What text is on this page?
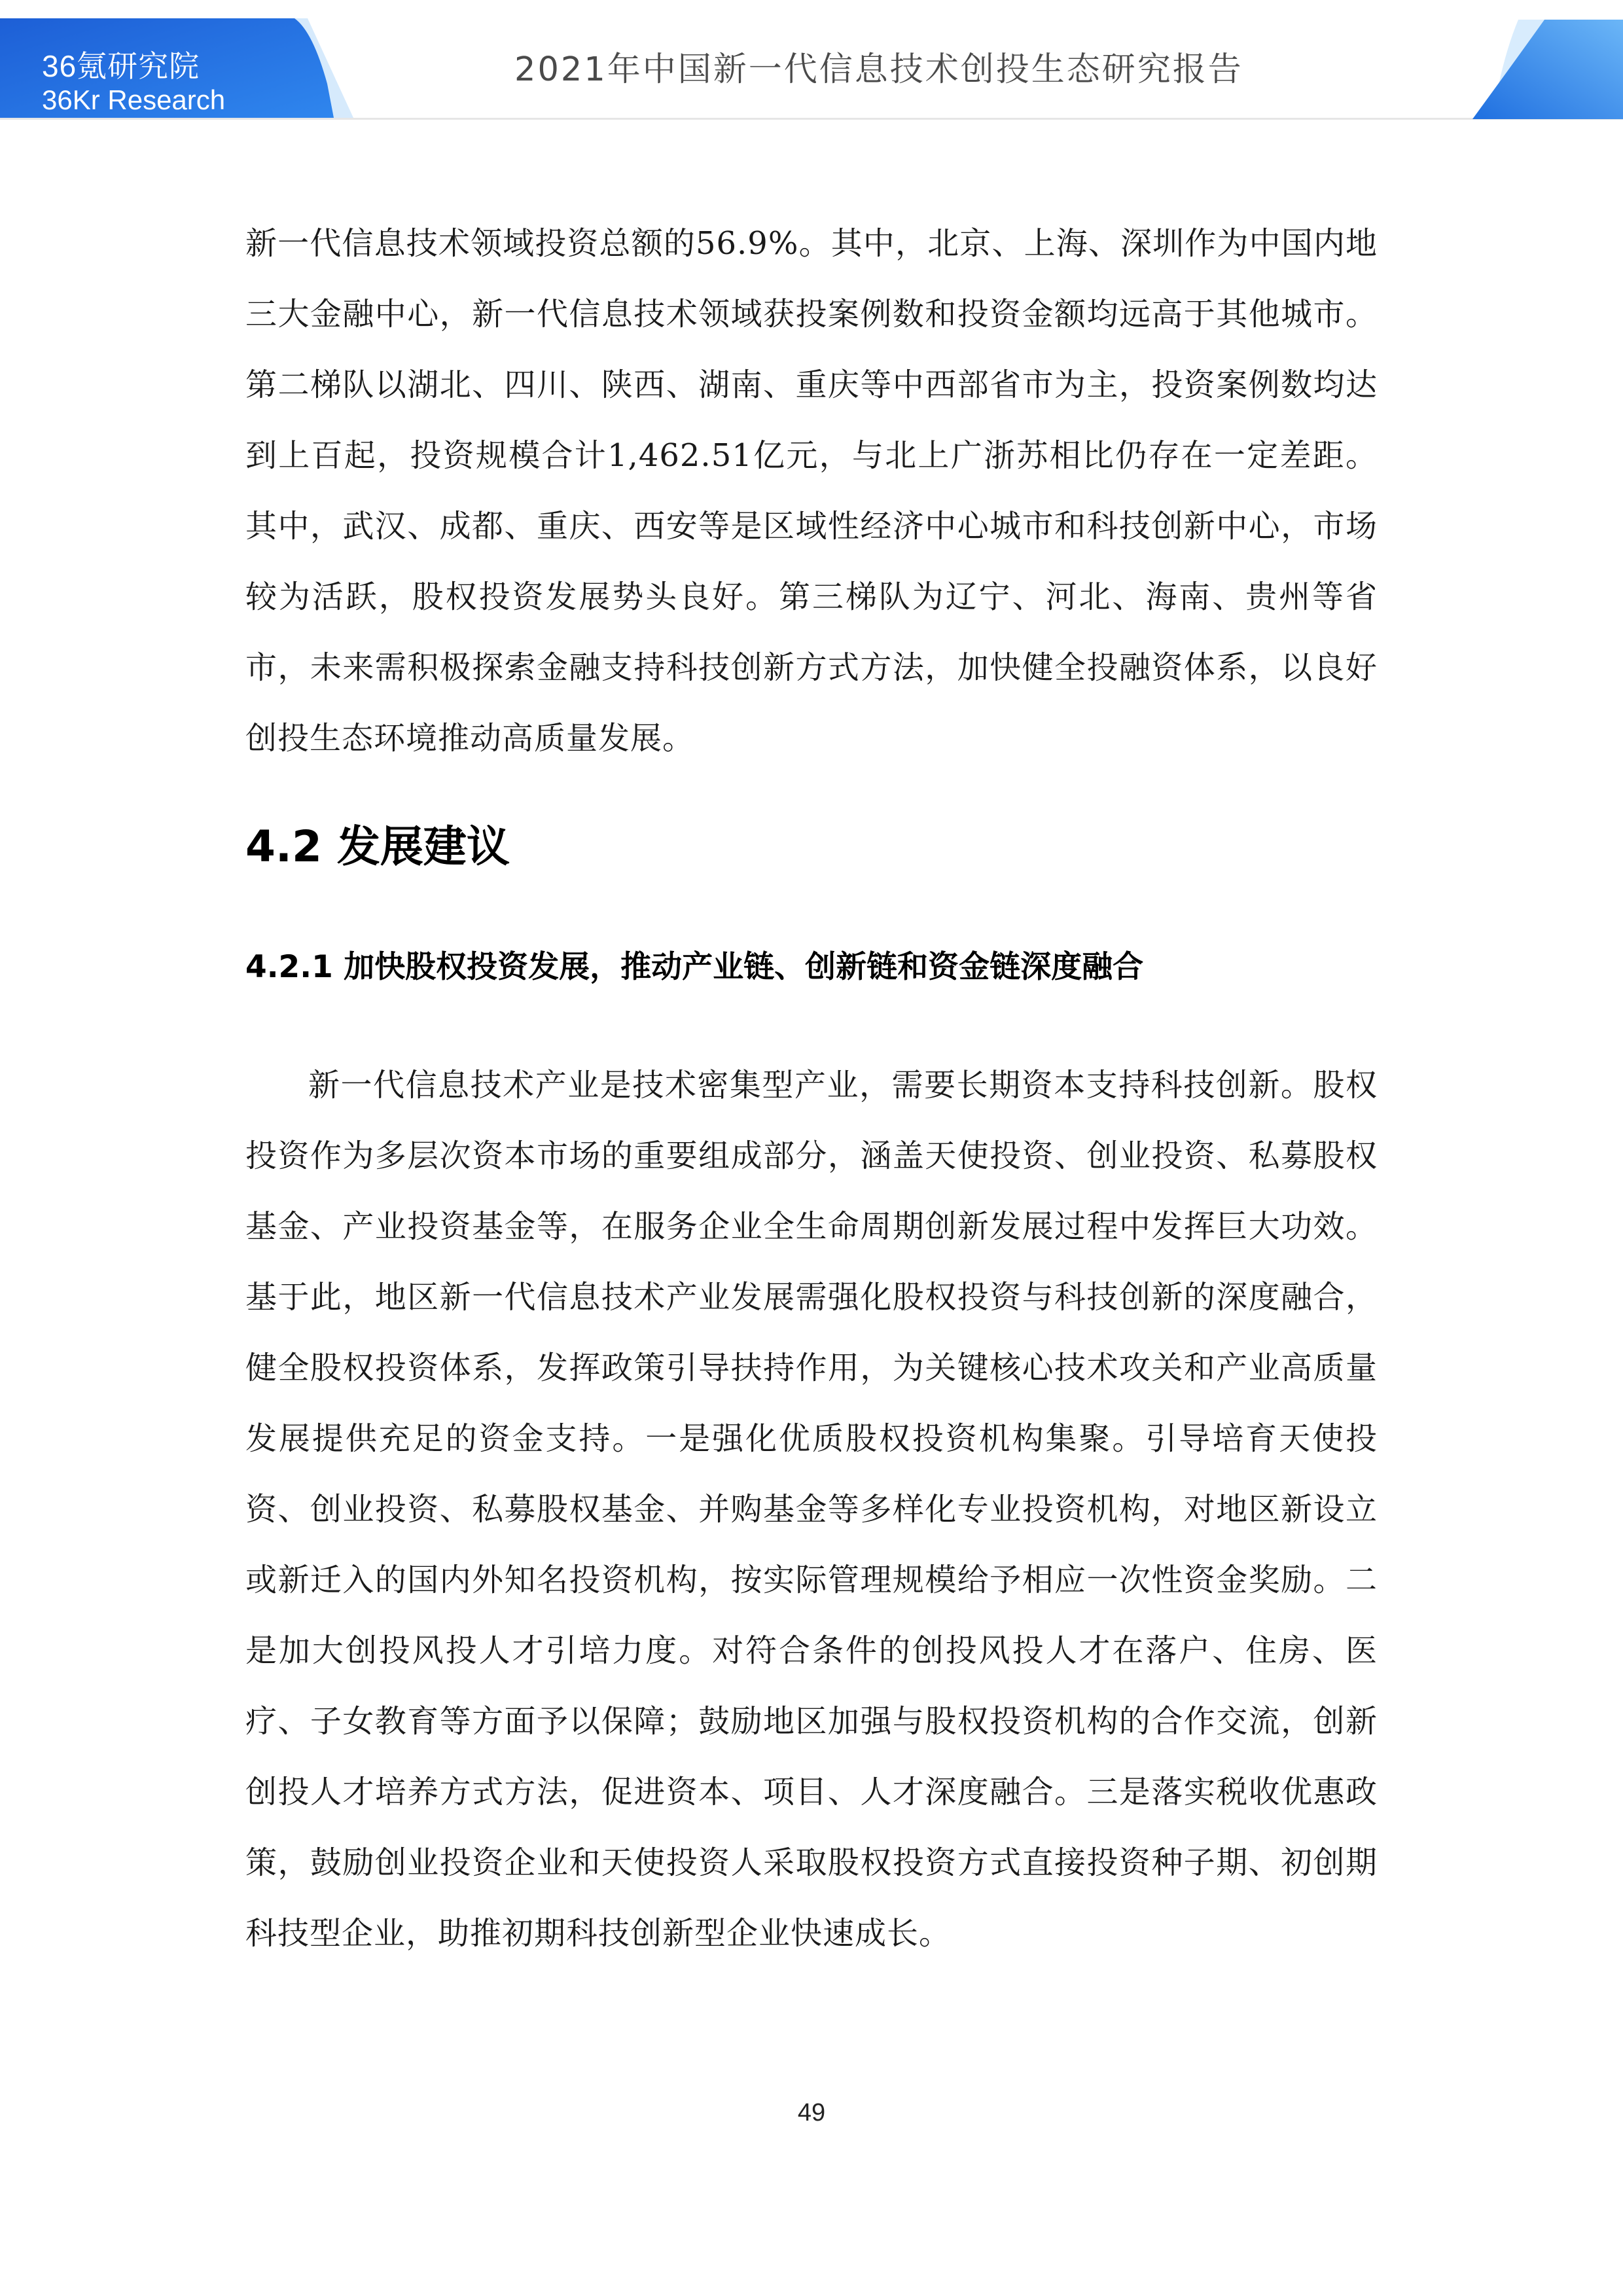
36氪研究院
36Kr Research
2021年中国新一代信息技术创投生态研究报告

新一代信息技术领域投资总额的56.9%。其中，北京、上海、深圳作为中国内地三大金融中心，新一代信息技术领域获投案例数和投资金额均远高于其他城市。第二梯队以湖北、四川、陕西、湖南、重庆等中西部省市为主，投资案例数均达到上百起，投资规模合计1,462.51亿元，与北上广浙苏相比仍存在一定差距。其中，武汉、成都、重庆、西安等是区域性经济中心城市和科技创新中心，市场较为活跃，股权投资发展势头良好。第三梯队为辽宁、河北、海南、贵州等省市，未来需积极探索金融支持科技创新方式方法，加快健全投融资体系，以良好创投生态环境推动高质量发展。

4.2 发展建议
4.2.1 加快股权投资发展，推动产业链、创新链和资金链深度融合

新一代信息技术产业是技术密集型产业，需要长期资本支持科技创新。股权投资作为多层次资本市场的重要组成部分，涵盖天使投资、创业投资、私募股权基金、产业投资基金等，在服务企业全生命周期创新发展过程中发挥巨大功效。基于此，地区新一代信息技术产业发展需强化股权投资与科技创新的深度融合，健全股权投资体系，发挥政策引导扶持作用，为关键核心技术攻关和产业高质量发展提供充足的资金支持。一是强化优质股权投资机构集聚。引导培育天使投资、创业投资、私募股权基金、并购基金等多样化专业投资机构，对地区新设立或新迁入的国内外知名投资机构，按实际管理规模给予相应一次性资金奖励。二是加大创投风投人才引培力度。对符合条件的创投风投人才在落户、住房、医疗、子女教育等方面予以保障；鼓励地区加强与股权投资机构的合作交流，创新创投人才培养方式方法，促进资本、项目、人才深度融合。三是落实税收优惠政策，鼓励创业投资企业和天使投资人采取股权投资方式直接投资种子期、初创期科技型企业，助推初期科技创新型企业快速成长。

49
